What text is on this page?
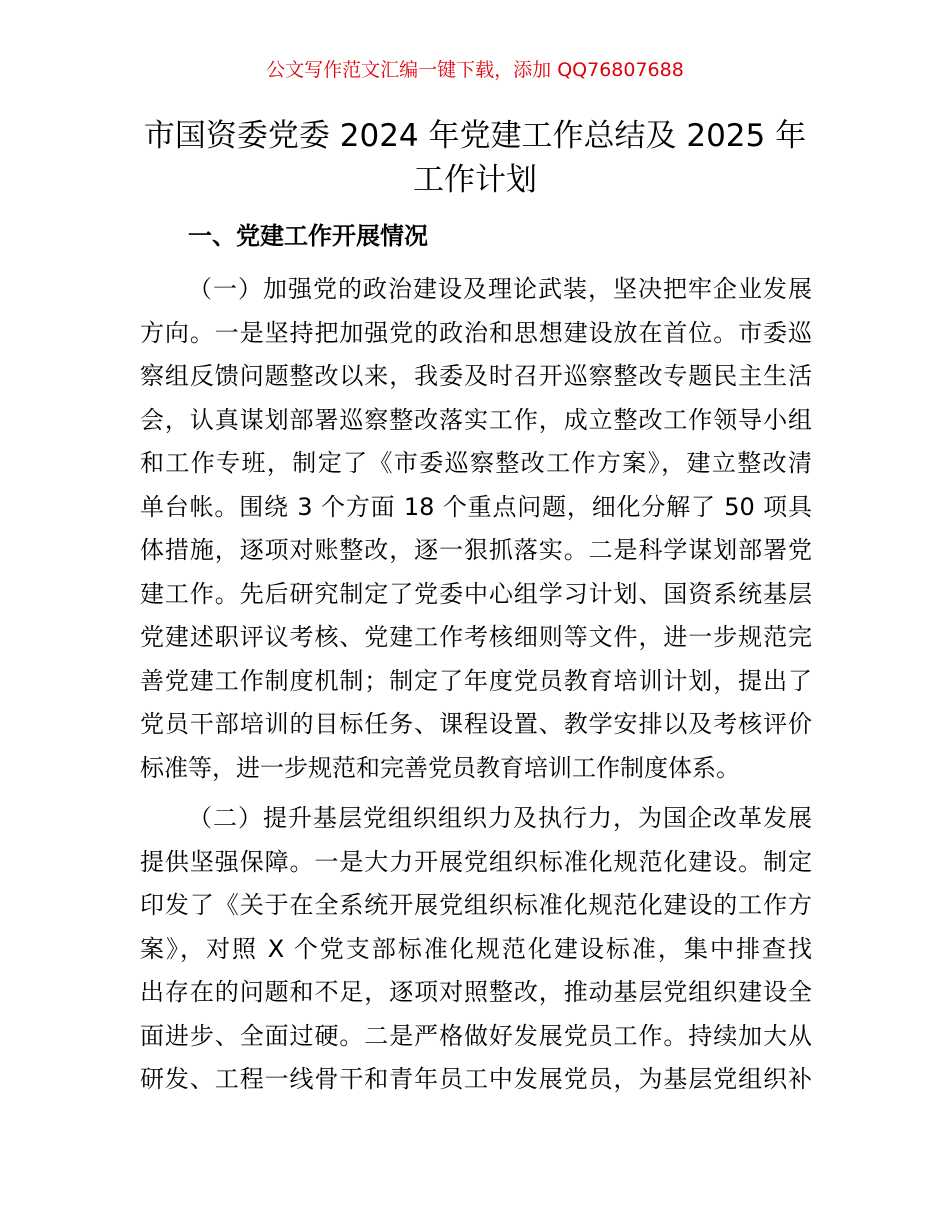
公文写作范文汇编一键下载，添加 QQ76807688
市国资委党委 2024 年党建工作总结及 2025 年
工作计划
一、党建工作开展情况
（一）加强党的政治建设及理论武装，坚决把牢企业发展
方向。一是坚持把加强党的政治和思想建设放在首位。市委巡
察组反馈问题整改以来，我委及时召开巡察整改专题民主生活
会，认真谋划部署巡察整改落实工作，成立整改工作领导小组
和工作专班，制定了《市委巡察整改工作方案》，建立整改清
单台帐。围绕 3 个方面 18 个重点问题，细化分解了 50 项具
体措施，逐项对账整改，逐一狠抓落实。二是科学谋划部署党
建工作。先后研究制定了党委中心组学习计划、国资系统基层
党建述职评议考核、党建工作考核细则等文件，进一步规范完
善党建工作制度机制；制定了年度党员教育培训计划，提出了
党员干部培训的目标任务、课程设置、教学安排以及考核评价
标准等，进一步规范和完善党员教育培训工作制度体系。
（二）提升基层党组织组织力及执行力，为国企改革发展
提供坚强保障。一是大力开展党组织标准化规范化建设。制定
印发了《关于在全系统开展党组织标准化规范化建设的工作方
案》，对照 X 个党支部标准化规范化建设标准，集中排查找
出存在的问题和不足，逐项对照整改，推动基层党组织建设全
面进步、全面过硬。二是严格做好发展党员工作。持续加大从
研发、工程一线骨干和青年员工中发展党员，为基层党组织补
